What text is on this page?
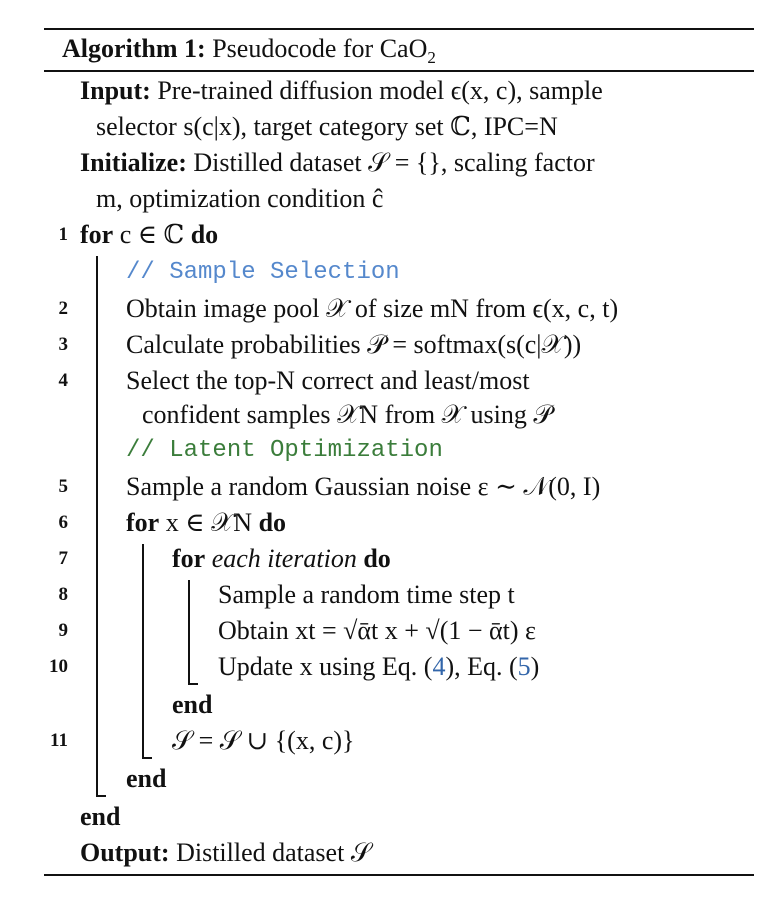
Algorithm 1: Pseudocode for CaO$_2$
Input: Pre-trained diffusion model ϵ(x, c), sample
selector s(c|x), target category set ℂ, IPC=N
Initialize: Distilled dataset 𝒮 = {}, scaling factor
m, optimization condition ĉ
1 for c ∈ ℂ do
// Sample Selection
2 Obtain image pool 𝒳 of size mN from ϵ(x, c, t)
3 Calculate probabilities 𝒫 = softmax(s(c|𝒳))
4 Select the top-N correct and least/most
confident samples 𝒳N from 𝒳 using 𝒫
// Latent Optimization
5 Sample a random Gaussian noise ε ∼ 𝒩(0, I)
6 for x ∈ 𝒳N do
7	for each iteration do
8	Sample a random time step t
9	Obtain xt = √ᾱt x + √(1 − ᾱt) ε
10	Update x using Eq. (4), Eq. (5)
end
11	𝒮 = 𝒮 ∪ {(x, c)}
end
end
Output: Distilled dataset 𝒮
